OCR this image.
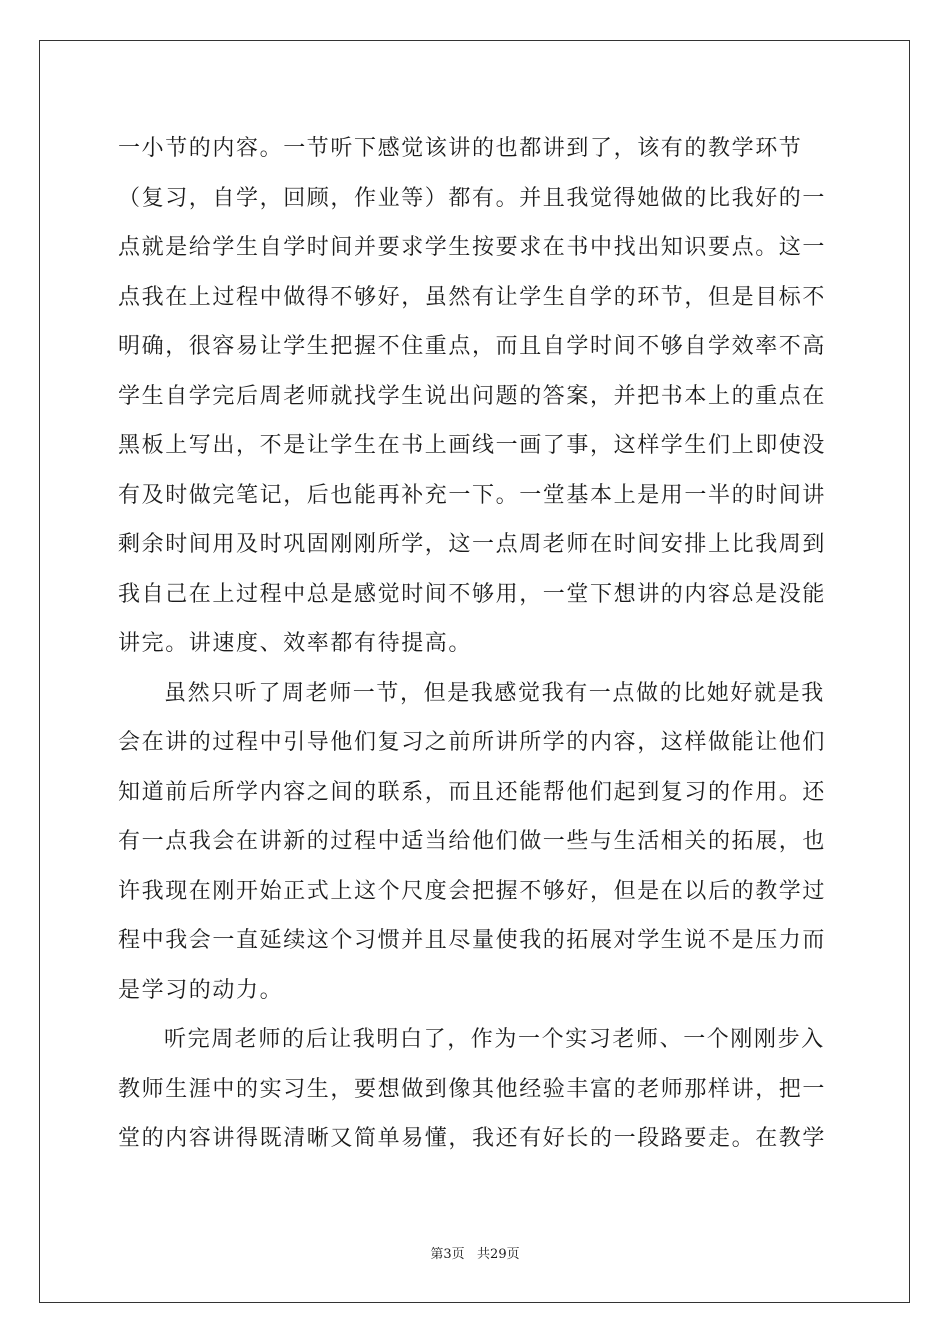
一小节的内容。一节听下感觉该讲的也都讲到了，该有的教学环节
（复习，自学，回顾，作业等）都有。并且我觉得她做的比我好的一
点就是给学生自学时间并要求学生按要求在书中找出知识要点。这一
点我在上过程中做得不够好，虽然有让学生自学的环节，但是目标不
明确，很容易让学生把握不住重点，而且自学时间不够自学效率不高
学生自学完后周老师就找学生说出问题的答案，并把书本上的重点在
黑板上写出，不是让学生在书上画线一画了事，这样学生们上即使没
有及时做完笔记，后也能再补充一下。一堂基本上是用一半的时间讲
剩余时间用及时巩固刚刚所学，这一点周老师在时间安排上比我周到
我自己在上过程中总是感觉时间不够用，一堂下想讲的内容总是没能
讲完。讲速度、效率都有待提高。
虽然只听了周老师一节，但是我感觉我有一点做的比她好就是我
会在讲的过程中引导他们复习之前所讲所学的内容，这样做能让他们
知道前后所学内容之间的联系，而且还能帮他们起到复习的作用。还
有一点我会在讲新的过程中适当给他们做一些与生活相关的拓展，也
许我现在刚开始正式上这个尺度会把握不够好，但是在以后的教学过
程中我会一直延续这个习惯并且尽量使我的拓展对学生说不是压力而
是学习的动力。
听完周老师的后让我明白了，作为一个实习老师、一个刚刚步入
教师生涯中的实习生，要想做到像其他经验丰富的老师那样讲，把一
堂的内容讲得既清晰又简单易懂，我还有好长的一段路要走。在教学
第3页   共29页
